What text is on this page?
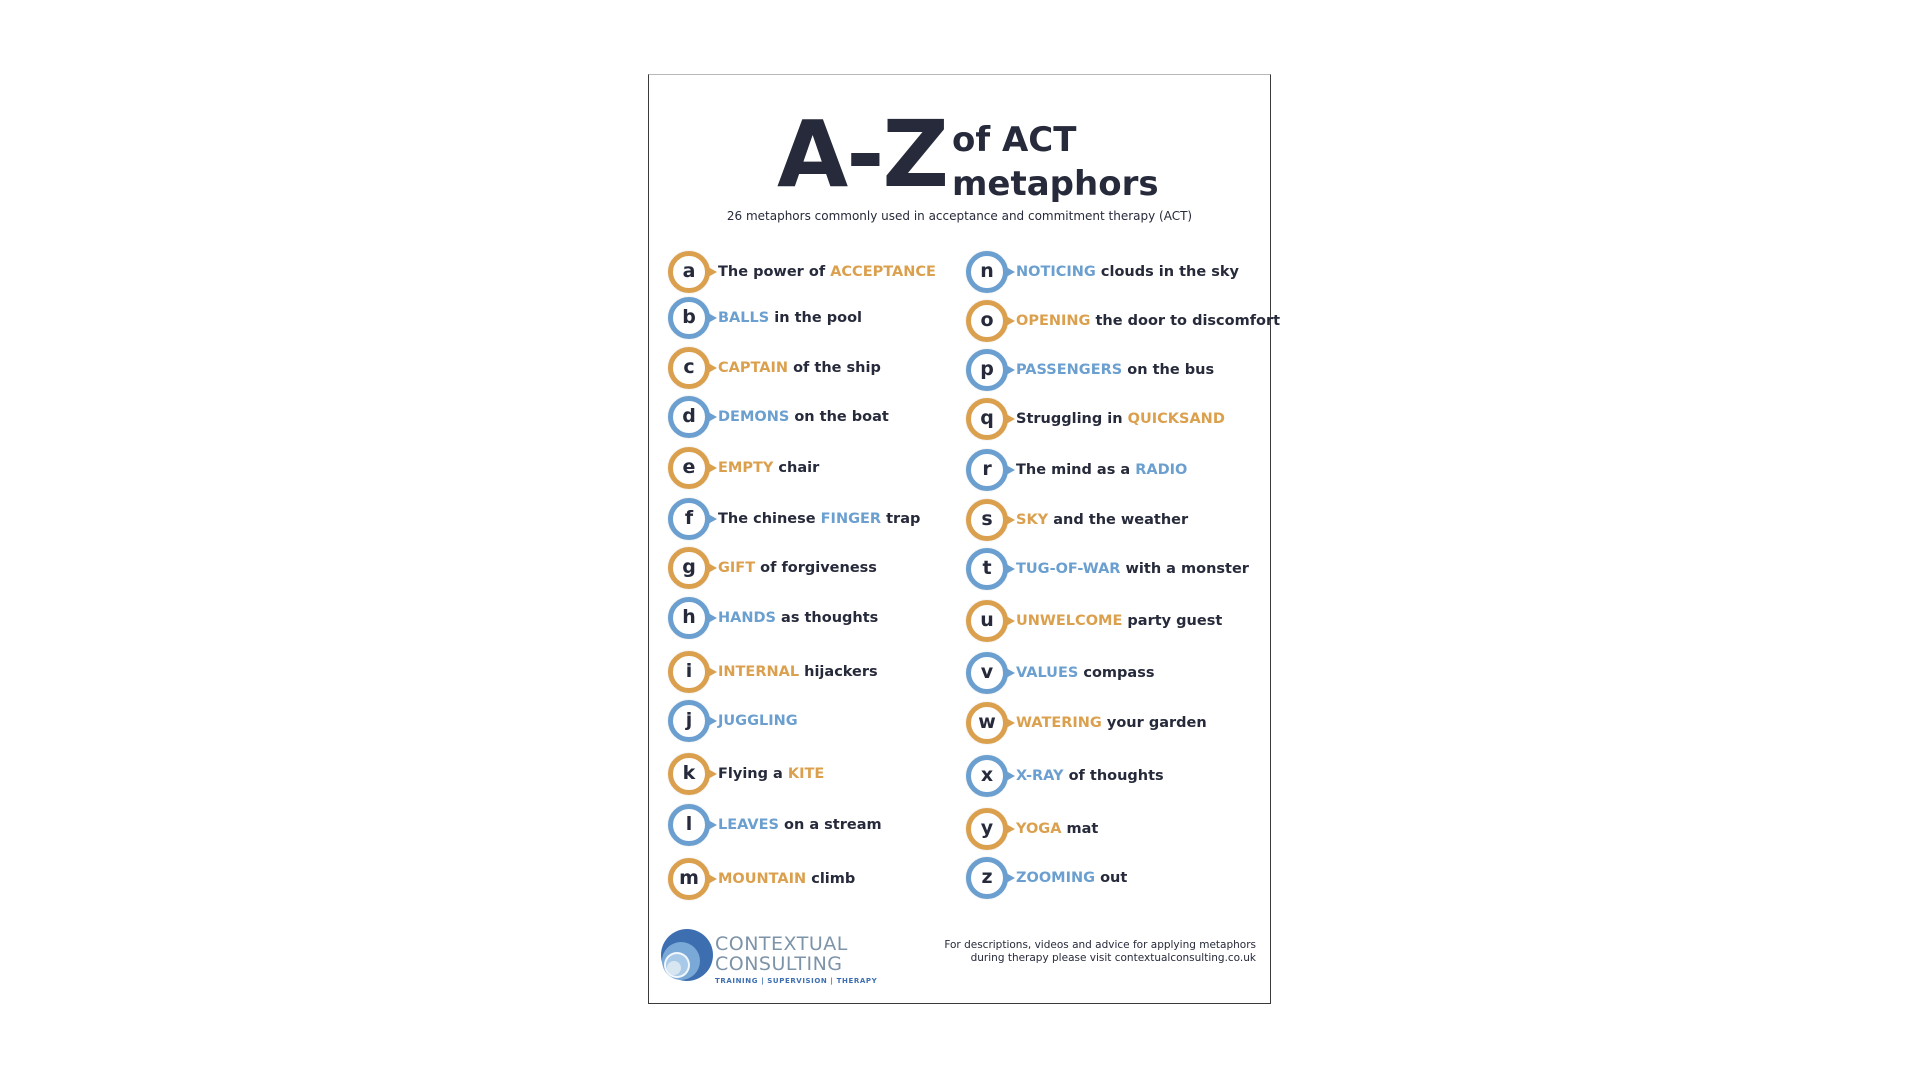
A-Z of ACT
metaphors
26 metaphors commonly used in acceptance and commitment therapy (ACT)
a The power of ACCEPTANCE
b BALLS in the pool
c CAPTAIN of the ship
d DEMONS on the boat
e EMPTY chair
f The chinese FINGER trap
g GIFT of forgiveness
h HANDS as thoughts
i INTERNAL hijackers
j JUGGLING
k Flying a KITE
l LEAVES on a stream
m MOUNTAIN climb
n NOTICING clouds in the sky
o OPENING the door to discomfort
p PASSENGERS on the bus
q Struggling in QUICKSAND
r The mind as a RADIO
s SKY and the weather
t TUG-OF-WAR with a monster
u UNWELCOME party guest
v VALUES compass
w WATERING your garden
x X-RAY of thoughts
y YOGA mat
z ZOOMING out
CONTEXTUAL
CONSULTING
TRAINING | SUPERVISION | THERAPY
For descriptions, videos and advice for applying metaphors
during therapy please visit contextualconsulting.co.uk
